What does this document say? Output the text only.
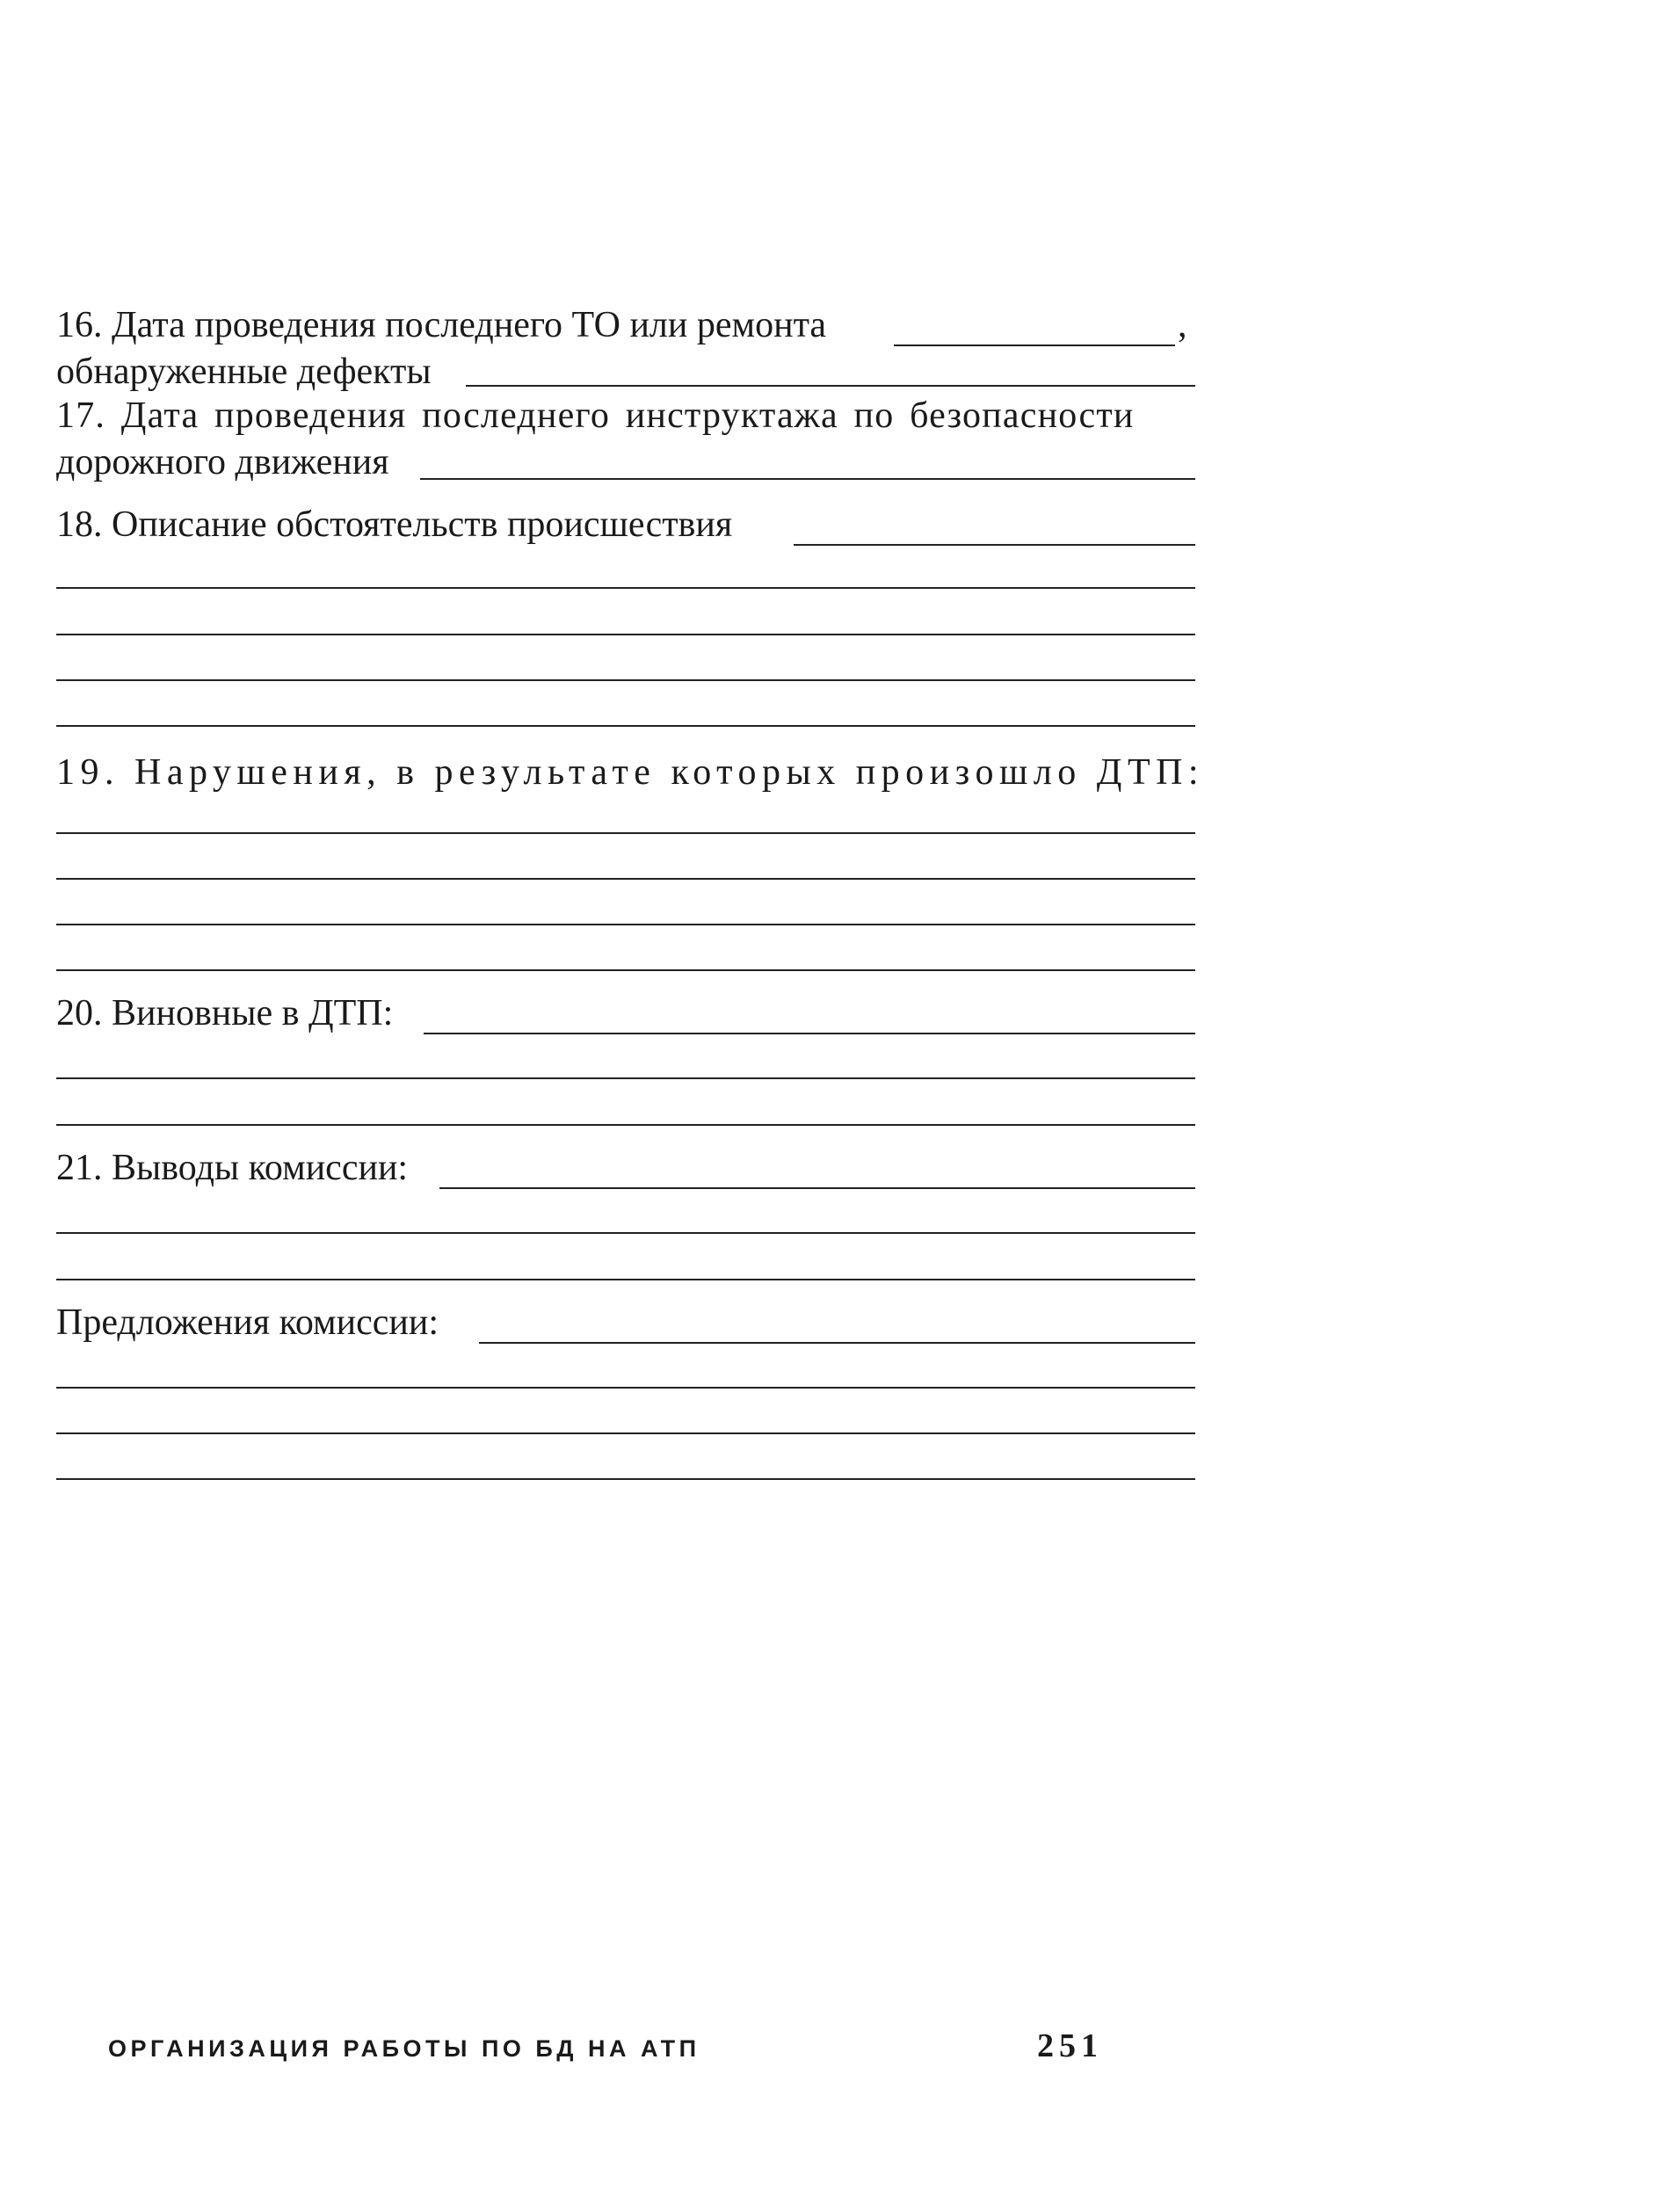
16. Дата проведения последнего ТО или ремонта	,
обнаруженные дефекты
17. Дата проведения последнего инструктажа по безопасности
дорожного движения
18. Описание обстоятельств происшествия
19. Нарушения, в результате которых произошло ДТП:
20. Виновные в ДТП:
21. Выводы комиссии:
Предложения комиссии:
ОРГАНИЗАЦИЯ РАБОТЫ ПО БД НА АТП	251
